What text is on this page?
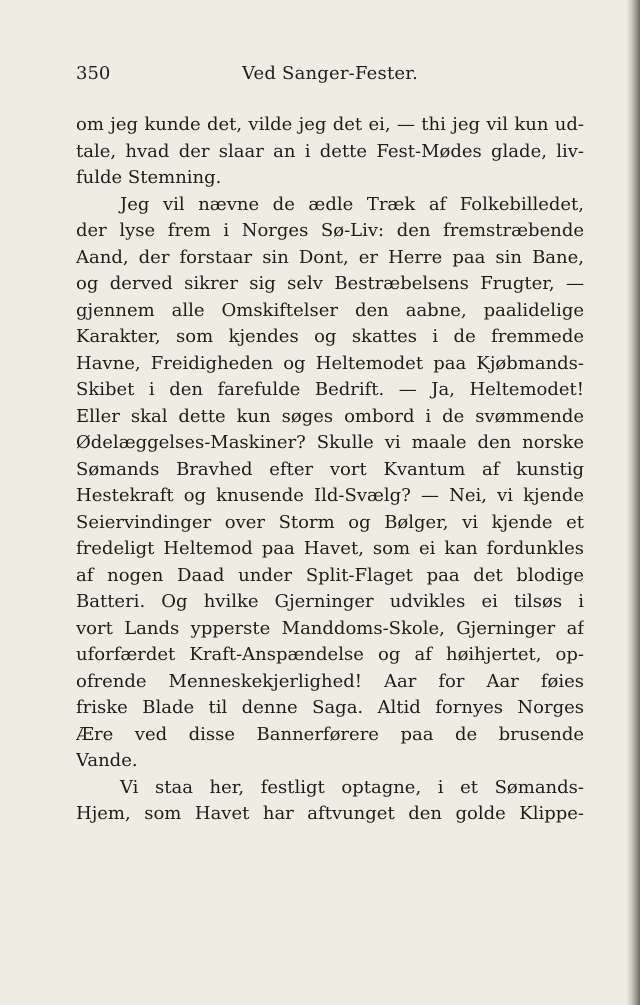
350	Ved Sanger-Fester.
om jeg kunde det, vilde jeg det ei, — thi jeg vil kun ud-
tale, hvad der slaar an i dette Fest-Mødes glade, liv-
fulde Stemning.
Jeg vil nævne de ædle Træk af Folkebilledet,
der lyse frem i Norges Sø-Liv: den fremstræbende
Aand, der forstaar sin Dont, er Herre paa sin Bane,
og derved sikrer sig selv Bestræbelsens Frugter, —
gjennem alle Omskiftelser den aabne, paalidelige
Karakter, som kjendes og skattes i de fremmede
Havne, Freidigheden og Heltemodet paa Kjøbmands-
Skibet i den farefulde Bedrift. — Ja, Heltemodet!
Eller skal dette kun søges ombord i de svømmende
Ødelæggelses-Maskiner? Skulle vi maale den norske
Sømands Bravhed efter vort Kvantum af kunstig
Hestekraft og knusende Ild-Svælg? — Nei, vi kjende
Seiervindinger over Storm og Bølger, vi kjende et
fredeligt Heltemod paa Havet, som ei kan fordunkles
af nogen Daad under Split-Flaget paa det blodige
Batteri. Og hvilke Gjerninger udvikles ei tilsøs i
vort Lands ypperste Manddoms-Skole, Gjerninger af
uforfærdet Kraft-Anspændelse og af høihjertet, op-
ofrende Menneskekjerlighed! Aar for Aar føies
friske Blade til denne Saga. Altid fornyes Norges
Ære ved disse Bannerførere paa de brusende
Vande.
Vi staa her, festligt optagne, i et Sømands-
Hjem, som Havet har aftvunget den golde Klippe-
